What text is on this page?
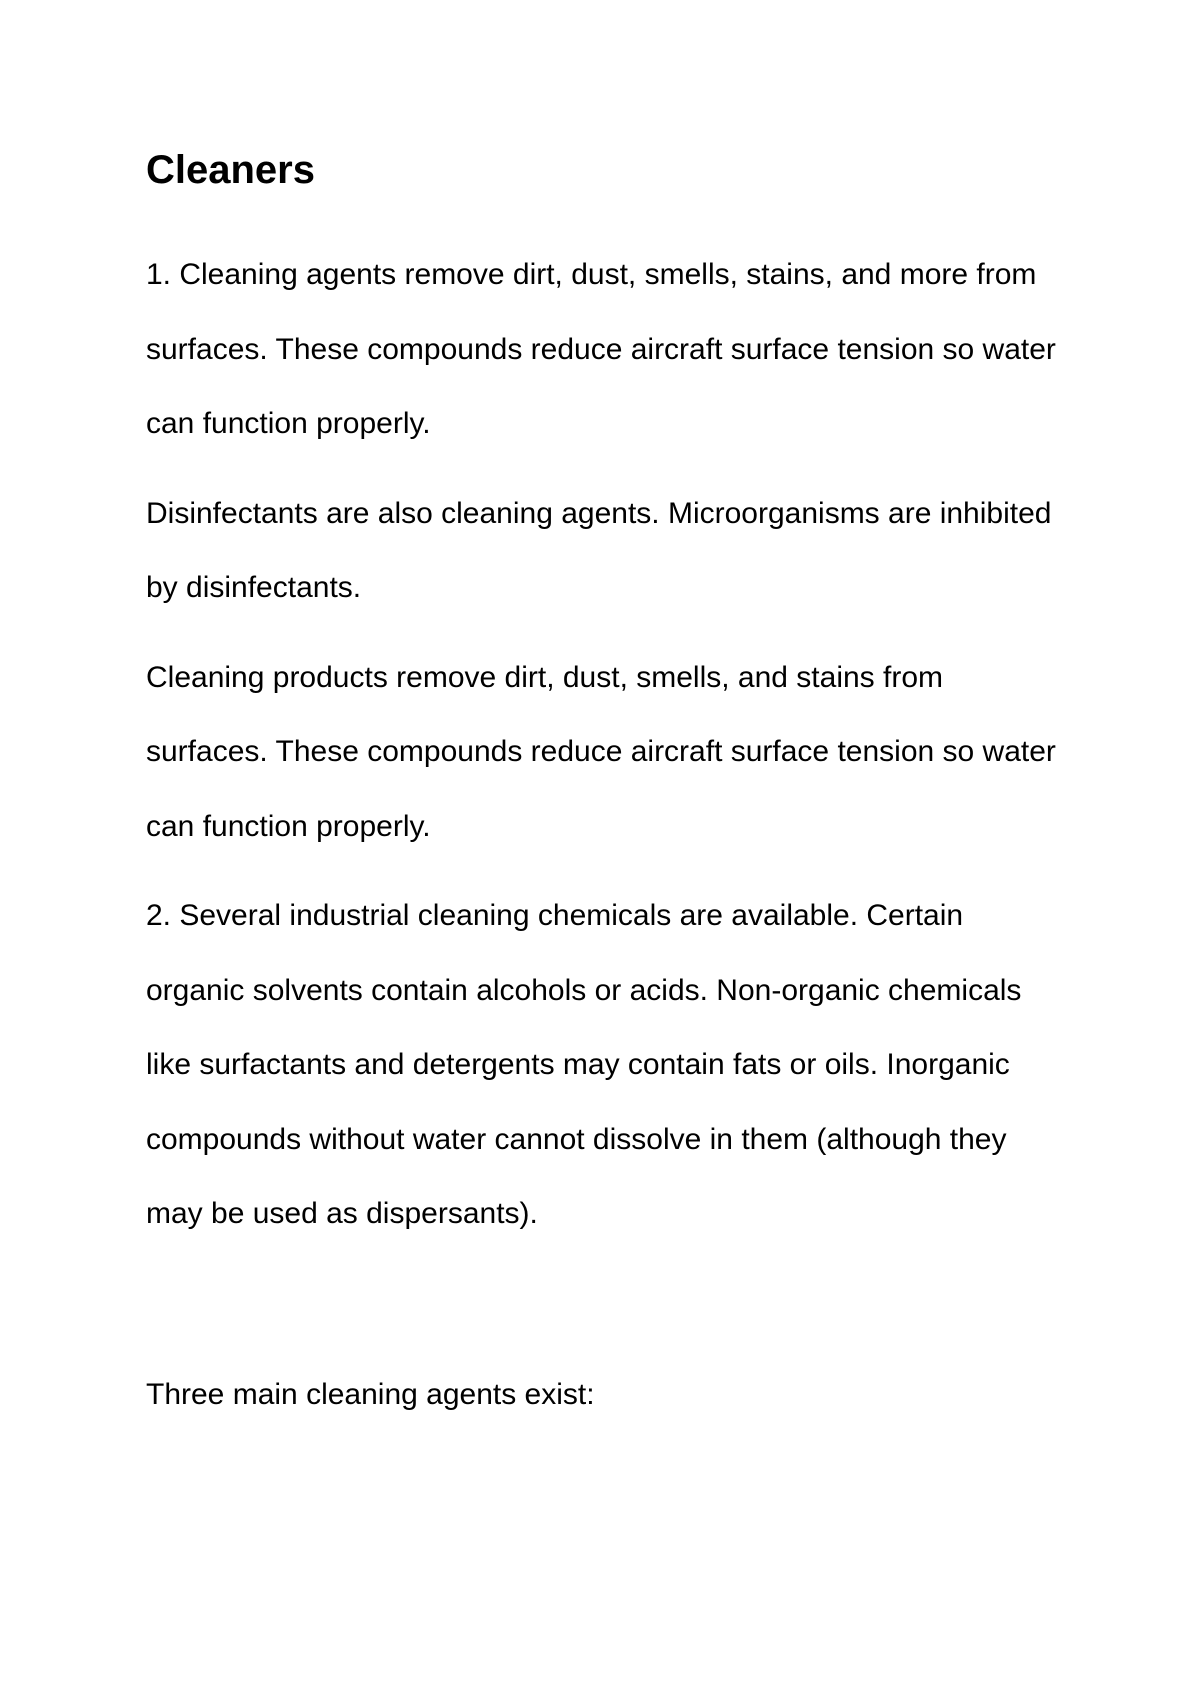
Cleaners

1. Cleaning agents remove dirt, dust, smells, stains, and more from surfaces. These compounds reduce aircraft surface tension so water can function properly.

Disinfectants are also cleaning agents. Microorganisms are inhibited by disinfectants.

Cleaning products remove dirt, dust, smells, and stains from surfaces. These compounds reduce aircraft surface tension so water can function properly.

2. Several industrial cleaning chemicals are available. Certain organic solvents contain alcohols or acids. Non-organic chemicals like surfactants and detergents may contain fats or oils. Inorganic compounds without water cannot dissolve in them (although they may be used as dispersants).

Three main cleaning agents exist:
